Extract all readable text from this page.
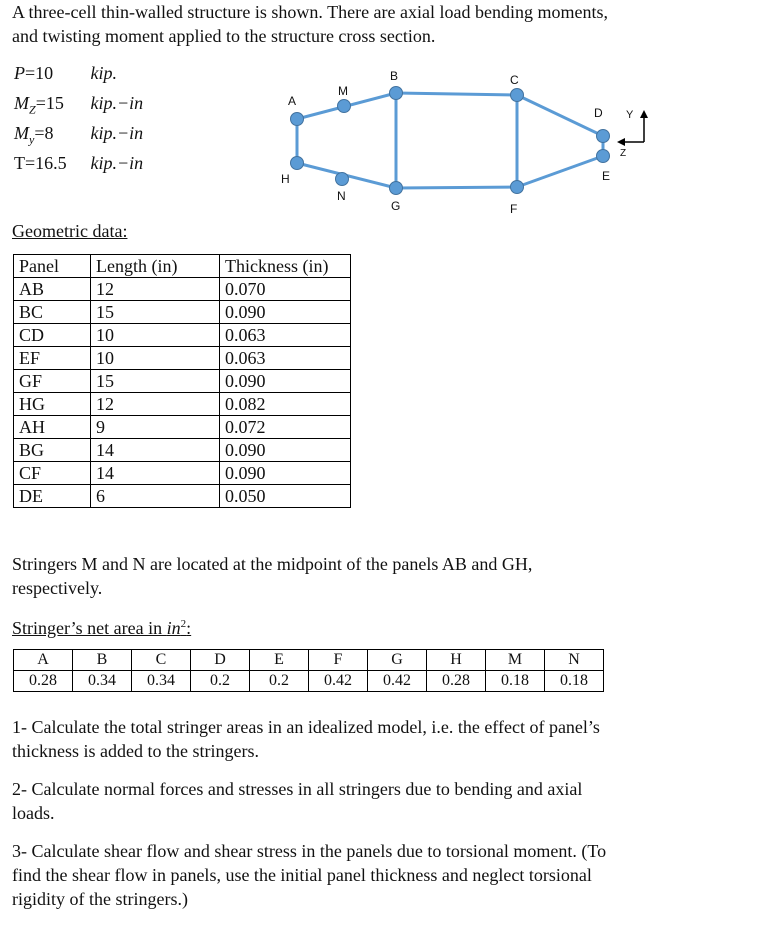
A three-cell thin-walled structure is shown. There are axial load bending moments,
and twisting moment applied to the structure cross section.
P=10 kip.
$M_Z=15$ kip.−in
$M_y=8$ kip.−in
T=16.5 kip.−in
A
B	C
D
E
F
G
H
M
N
Y
Z
Geometric data:
Panel	Length (in)	Thickness (in)
AB	12	0.070
BC	15	0.090
CD	10	0.063
EF	10	0.063
GF	15	0.090
HG	12	0.082
AH	9	0.072
BG	14	0.090
CF	14	0.090
DE	6	0.050
Stringers M and N are located at the midpoint of the panels AB and GH,
respectively.
Stringer’s net area in $in^2$:
A	B	C	D	E	F	G	H	M	N
0.28	0.34	0.34	0.2	0.2	0.42	0.42	0.28	0.18	0.18
1- Calculate the total stringer areas in an idealized model, i.e. the effect of panel’s
thickness is added to the stringers.
2- Calculate normal forces and stresses in all stringers due to bending and axial
loads.
3- Calculate shear flow and shear stress in the panels due to torsional moment. (To
find the shear flow in panels, use the initial panel thickness and neglect torsional
rigidity of the stringers.)
